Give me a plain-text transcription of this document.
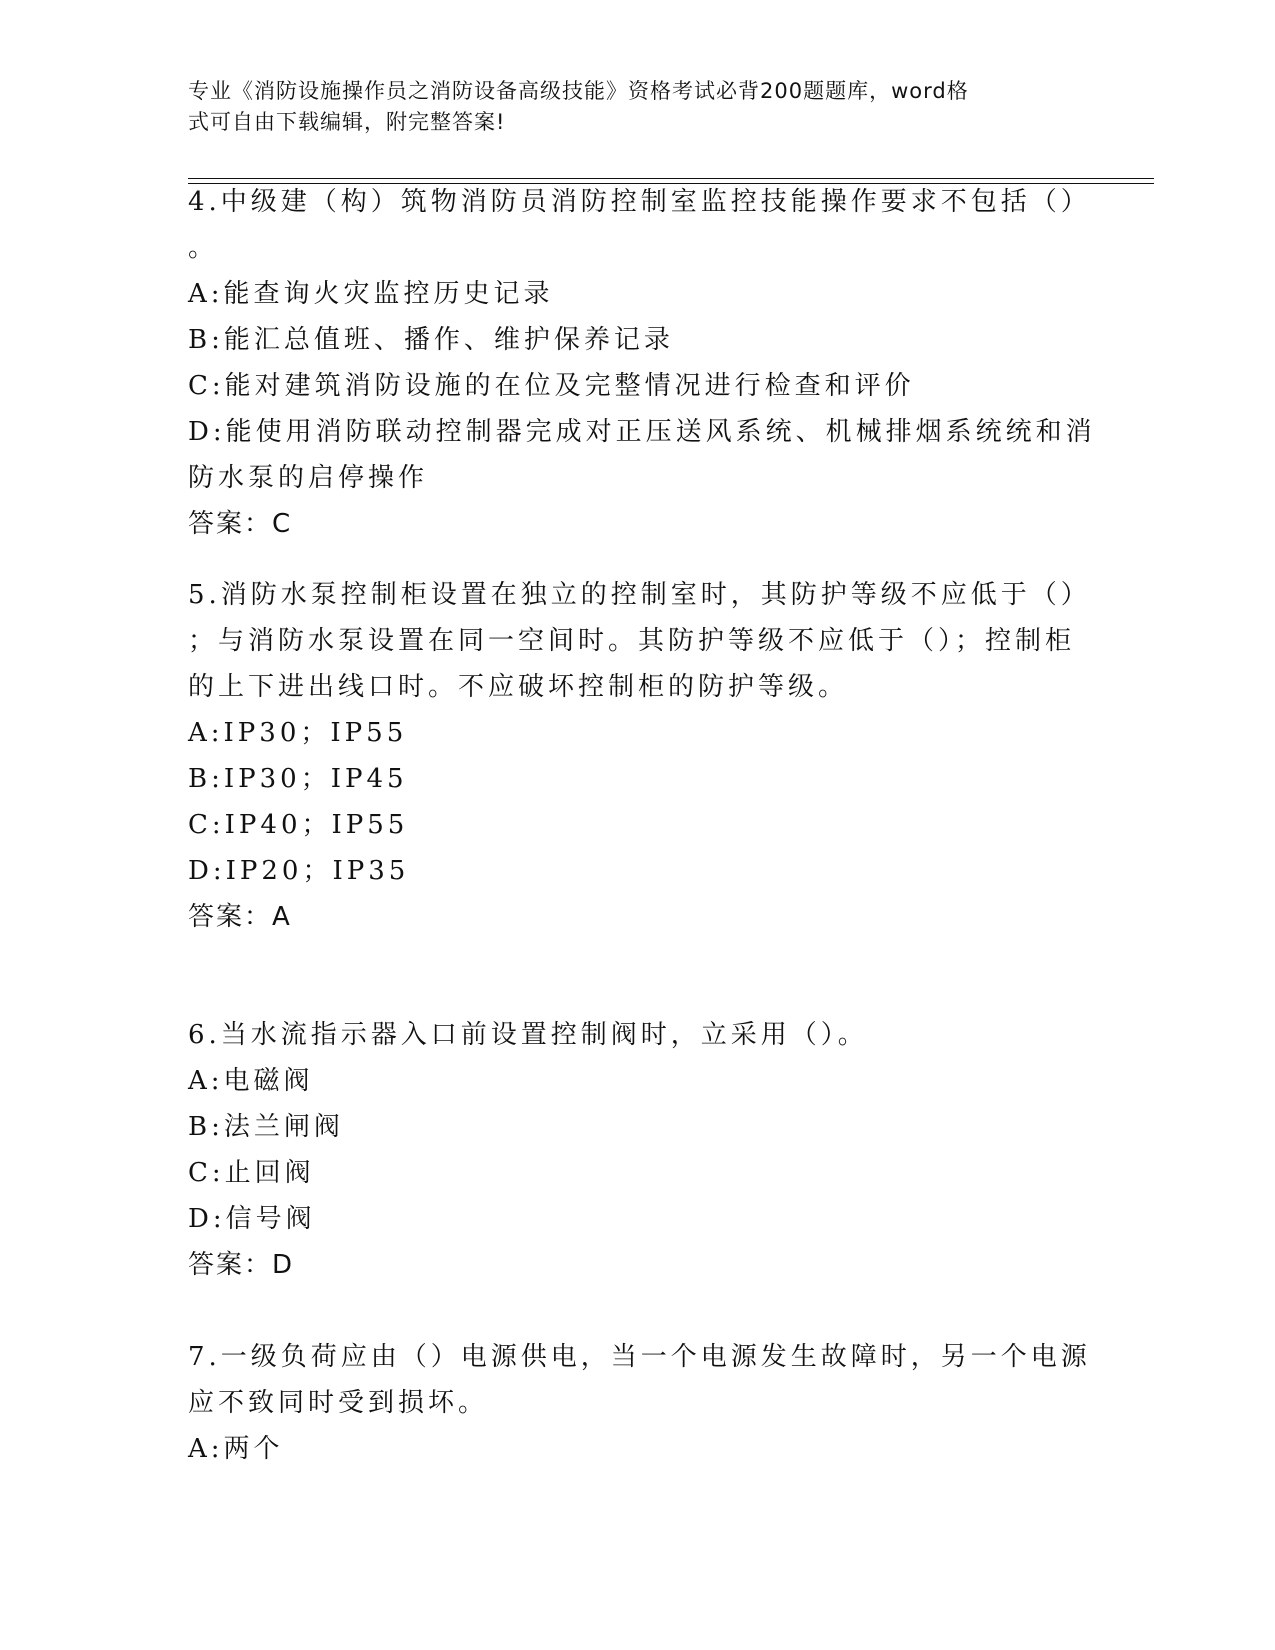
专业《消防设施操作员之消防设备高级技能》资格考试必背200题题库，word格
式可自由下载编辑，附完整答案!
4.中级建（构）筑物消防员消防控制室监控技能操作要求不包括（）
。
A:能查询火灾监控历史记录
B:能汇总值班、播作、维护保养记录
C:能对建筑消防设施的在位及完整情况进行检查和评价
D:能使用消防联动控制器完成对正压送风系统、机械排烟系统统和消
防水泵的启停操作
答案：C
5.消防水泵控制柜设置在独立的控制室时，其防护等级不应低于（）
；与消防水泵设置在同一空间时。其防护等级不应低于（）；控制柜
的上下进出线口时。不应破坏控制柜的防护等级。
A:IP30；IP55
B:IP30；IP45
C:IP40；IP55
D:IP20；IP35
答案：A
6.当水流指示器入口前设置控制阀时，立采用（）。
A:电磁阀
B:法兰闸阀
C:止回阀
D:信号阀
答案：D
7.一级负荷应由（）电源供电，当一个电源发生故障时，另一个电源
应不致同时受到损坏。
A:两个
